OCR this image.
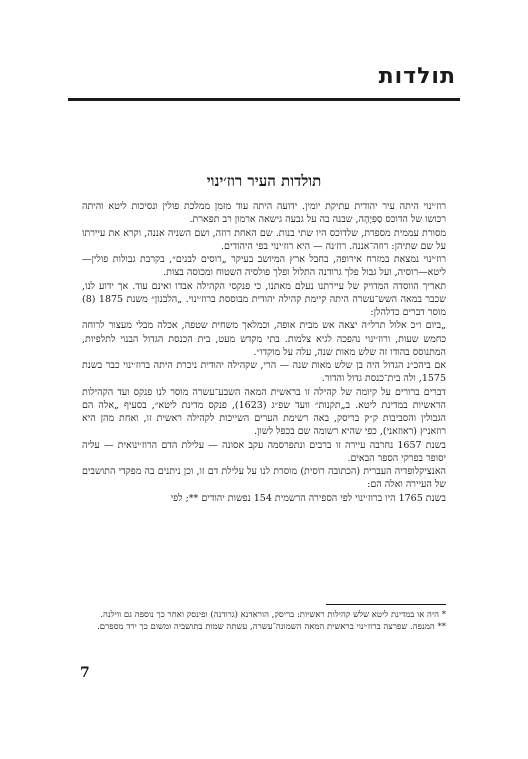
תולדות
תולדות העיר רוז׳ינוי

רוז׳ינוי היתה עיר יהודית עתיקת יומין. ידועה היתה עוד מזמן ממלכת פולין ונסיכות ליטא והיתה רכושו של הדוכס סַפִּיֶהָה, שבנה בה על גבעה גישאה ארמון רב תפארת.

מסורת עממית מספרת, שלדוכס היו שתי בנות. שם האחת רוזה, ושם השניה אננה, וקרא את עיירתו על שם שתיהן: רוזה־אננה. רוז׳נה — היא רוז׳ינוי בפי היהודים.

רוז׳ינוי נמצאת במזרח אירופה, בחבל ארץ המיושב בעיקר „רוסים לבנים״, בקרבת גבולות פולין—ליטא—רוסיה, ועל גבול פלך גרודנה התלול ופלך פולסיה השטוח ומכוסה בצות.

תאריך הווסדה המדויק של עיירתנו נעלם מאתנו, כי פנקסי הקהילה אבדו ואינם עוד. אך ידוע לנו, שכבר במאה השש־עשרה היתה קיימת קהילה יהודית מבוססת ברוז׳ינוי. „הלבנון״ משנת 1875 (8) מוסר דברים כדלהלן:

„ביום ו״כ אלול תרל״ה יצאה אש מבית אופה, וכמלאך משחית שטפה, אכלה מבלי מעצור לרוחה כחמש שעות, ורוז׳ינוי נהפכה לגיא צלמות. בתי מקדש מעט, בית הכנסת הגדול הבנוי לתלפיות, המתנוסס בהודו זה שלש מאות שנה, עלה על מוקדו״.

אם ביהכ״נ הגדול היה בן שלש מאות שנה — הרי, שקהילה יהודית ניכרת היתה ברוז׳ינוי כבר בשנת 1575, ולה בית־כנסת גדול והדור.

דברים ברורים על קיומה של קהילה זו בראשית המאה השבע־עשרה מוסר לנו פנקס ועד הקהילות הראשיות במדינת ליטא. ב„תקנות״ וועד שפ״ג (1623), פנקס מדינת ליטא״, בסעיף „אלה הם הגבולין והסביבות ק״ק בריסק, באה רשימת הערים השייכות לקהילה ראשית זו, ואחת מהן היא רוזאניץ (ראוזאני), כפי שהיא רשומה שם בכפל לשון.

בשנת 1657 נחרבה עיירה זו ברבים ונתפרסמה עקב אסונה — עלילת הדם הרוז׳ינואית — עליה יסופר בפרקי הספר הבאים.

האנציקלופדיה העברית (הכתובה רוסית) מוסרת לנו על עלילת דם זו, וכן ניתנים בה מפקדי התושבים של העיירה ואלה הם:

בשנת 1765 היו ברוז׳ינוי לפי הספירה הרשמית 154 נפשות יהודים **; לפי

* היה או במדינת ליטא שלש קהילות ראשיות: בריסק, הוראדנא (גרודנה) ופינסק ואחר כך נוספה גם ווילנה.

** המנפה. שפרצה ברוז׳ינוי בראשית המאה השמונה־עשרה, עשתה שמות בתושביה ומשום כך ירד מספרם.

7
